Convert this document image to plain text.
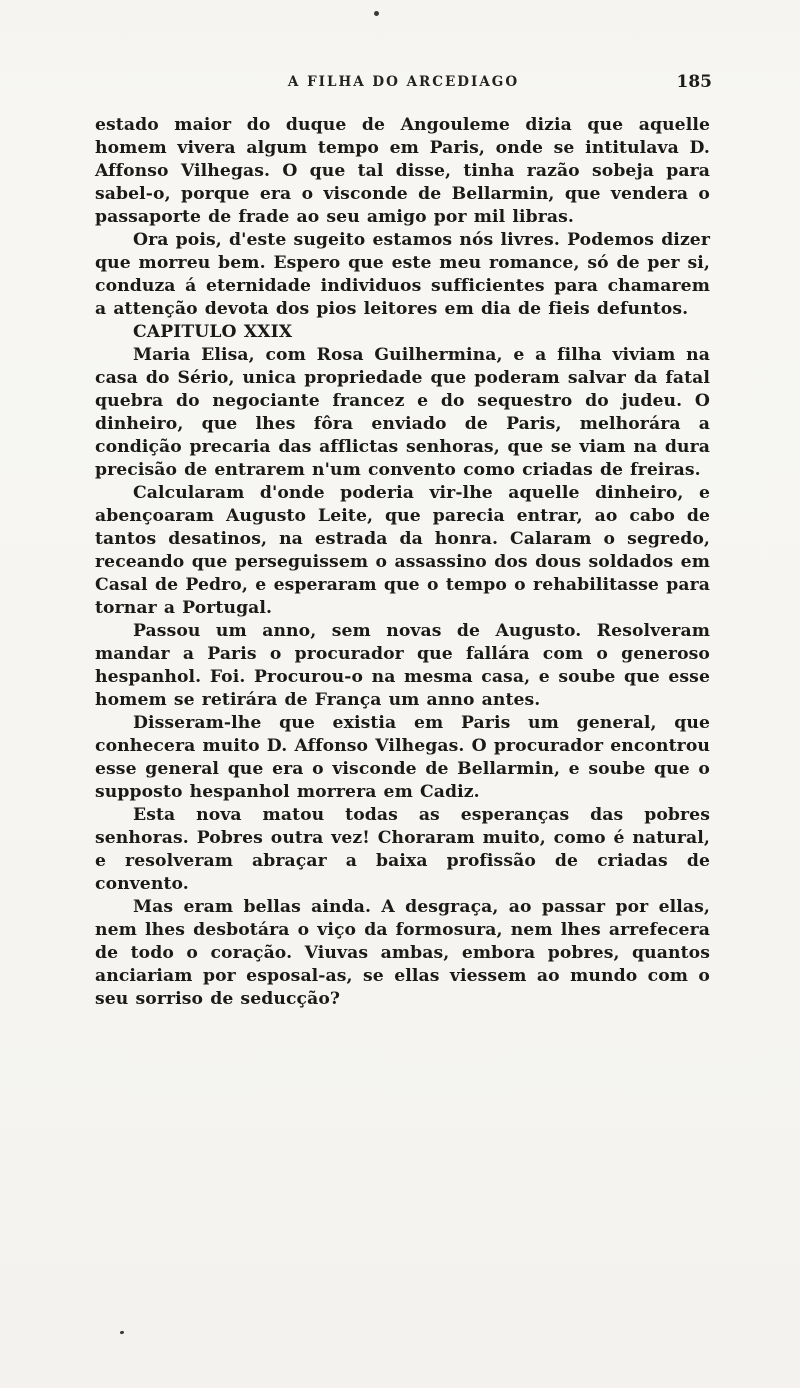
A FILHA DO ARCEDIAGO	185

estado maior do duque de Angouleme dizia que aquelle homem vivera algum tempo em Paris, onde se intitulava D. Affonso Vilhegas. O que tal disse, tinha razão sobeja para sabel-o, porque era o visconde de Bellarmin, que vendera o passaporte de frade ao seu amigo por mil libras.

Ora pois, d'este sugeito estamos nós livres. Podemos dizer que morreu bem. Espero que este meu romance, só de per si, conduza á eternidade individuos sufficientes para chamarem a attenção devota dos pios leitores em dia de fieis defuntos.

CAPITULO XXIX

Maria Elisa, com Rosa Guilhermina, e a filha viviam na casa do Sério, unica propriedade que poderam salvar da fatal quebra do negociante francez e do sequestro do judeu. O dinheiro, que lhes fôra enviado de Paris, melhorára a condição precaria das afflictas senhoras, que se viam na dura precisão de entrarem n'um convento como criadas de freiras.

Calcularam d'onde poderia vir-lhe aquelle dinheiro, e abençoaram Augusto Leite, que parecia entrar, ao cabo de tantos desatinos, na estrada da honra. Calaram o segredo, receando que perseguissem o assassino dos dous soldados em Casal de Pedro, e esperaram que o tempo o rehabilitasse para tornar a Portugal.

Passou um anno, sem novas de Augusto. Resolveram mandar a Paris o procurador que fallára com o generoso hespanhol. Foi. Procurou-o na mesma casa, e soube que esse homem se retirára de França um anno antes.

Disseram-lhe que existia em Paris um general, que conhecera muito D. Affonso Vilhegas. O procurador encontrou esse general que era o visconde de Bellarmin, e soube que o supposto hespanhol morrera em Cadiz.

Esta nova matou todas as esperanças das pobres senhoras. Pobres outra vez! Choraram muito, como é natural, e resolveram abraçar a baixa profissão de criadas de convento.

Mas eram bellas ainda. A desgraça, ao passar por ellas, nem lhes desbotára o viço da formosura, nem lhes arrefecera de todo o coração. Viuvas ambas, embora pobres, quantos anciariam por esposal-as, se ellas viessem ao mundo com o seu sorriso de seducção?
